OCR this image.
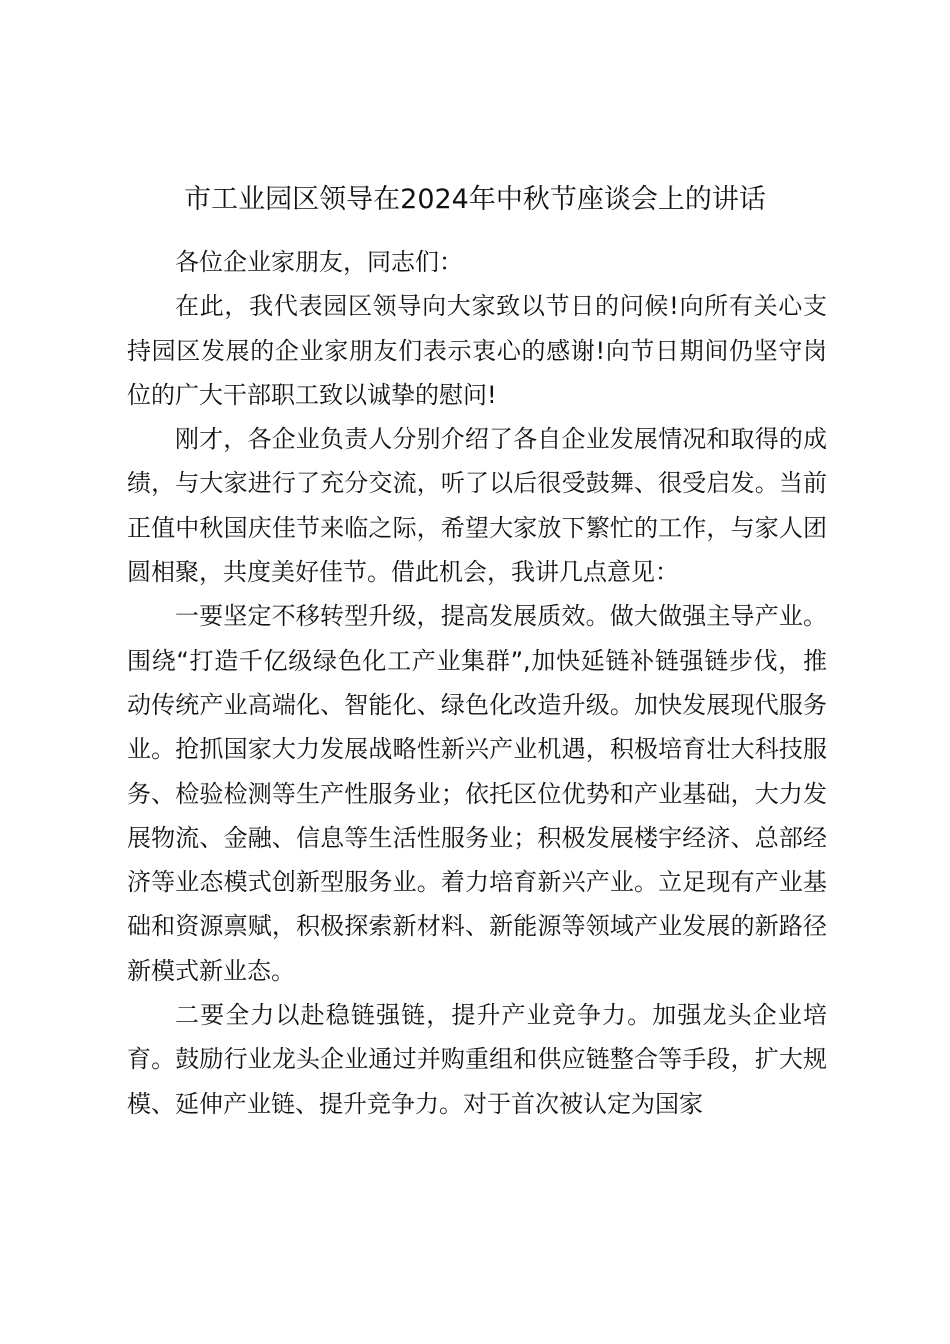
市工业园区领导在2024年中秋节座谈会上的讲话

各位企业家朋友，同志们：

在此，我代表园区领导向大家致以节日的问候!向所有关心支持园区发展的企业家朋友们表示衷心的感谢!向节日期间仍坚守岗位的广大干部职工致以诚挚的慰问!

刚才，各企业负责人分别介绍了各自企业发展情况和取得的成绩，与大家进行了充分交流，听了以后很受鼓舞、很受启发。当前正值中秋国庆佳节来临之际，希望大家放下繁忙的工作，与家人团圆相聚，共度美好佳节。借此机会，我讲几点意见：

一要坚定不移转型升级，提高发展质效。做大做强主导产业。围绕“打造千亿级绿色化工产业集群”,加快延链补链强链步伐，推动传统产业高端化、智能化、绿色化改造升级。加快发展现代服务业。抢抓国家大力发展战略性新兴产业机遇，积极培育壮大科技服务、检验检测等生产性服务业；依托区位优势和产业基础，大力发展物流、金融、信息等生活性服务业；积极发展楼宇经济、总部经济等业态模式创新型服务业。着力培育新兴产业。立足现有产业基础和资源禀赋，积极探索新材料、新能源等领域产业发展的新路径新模式新业态。

二要全力以赴稳链强链，提升产业竞争力。加强龙头企业培育。鼓励行业龙头企业通过并购重组和供应链整合等手段，扩大规模、延伸产业链、提升竞争力。对于首次被认定为国家
